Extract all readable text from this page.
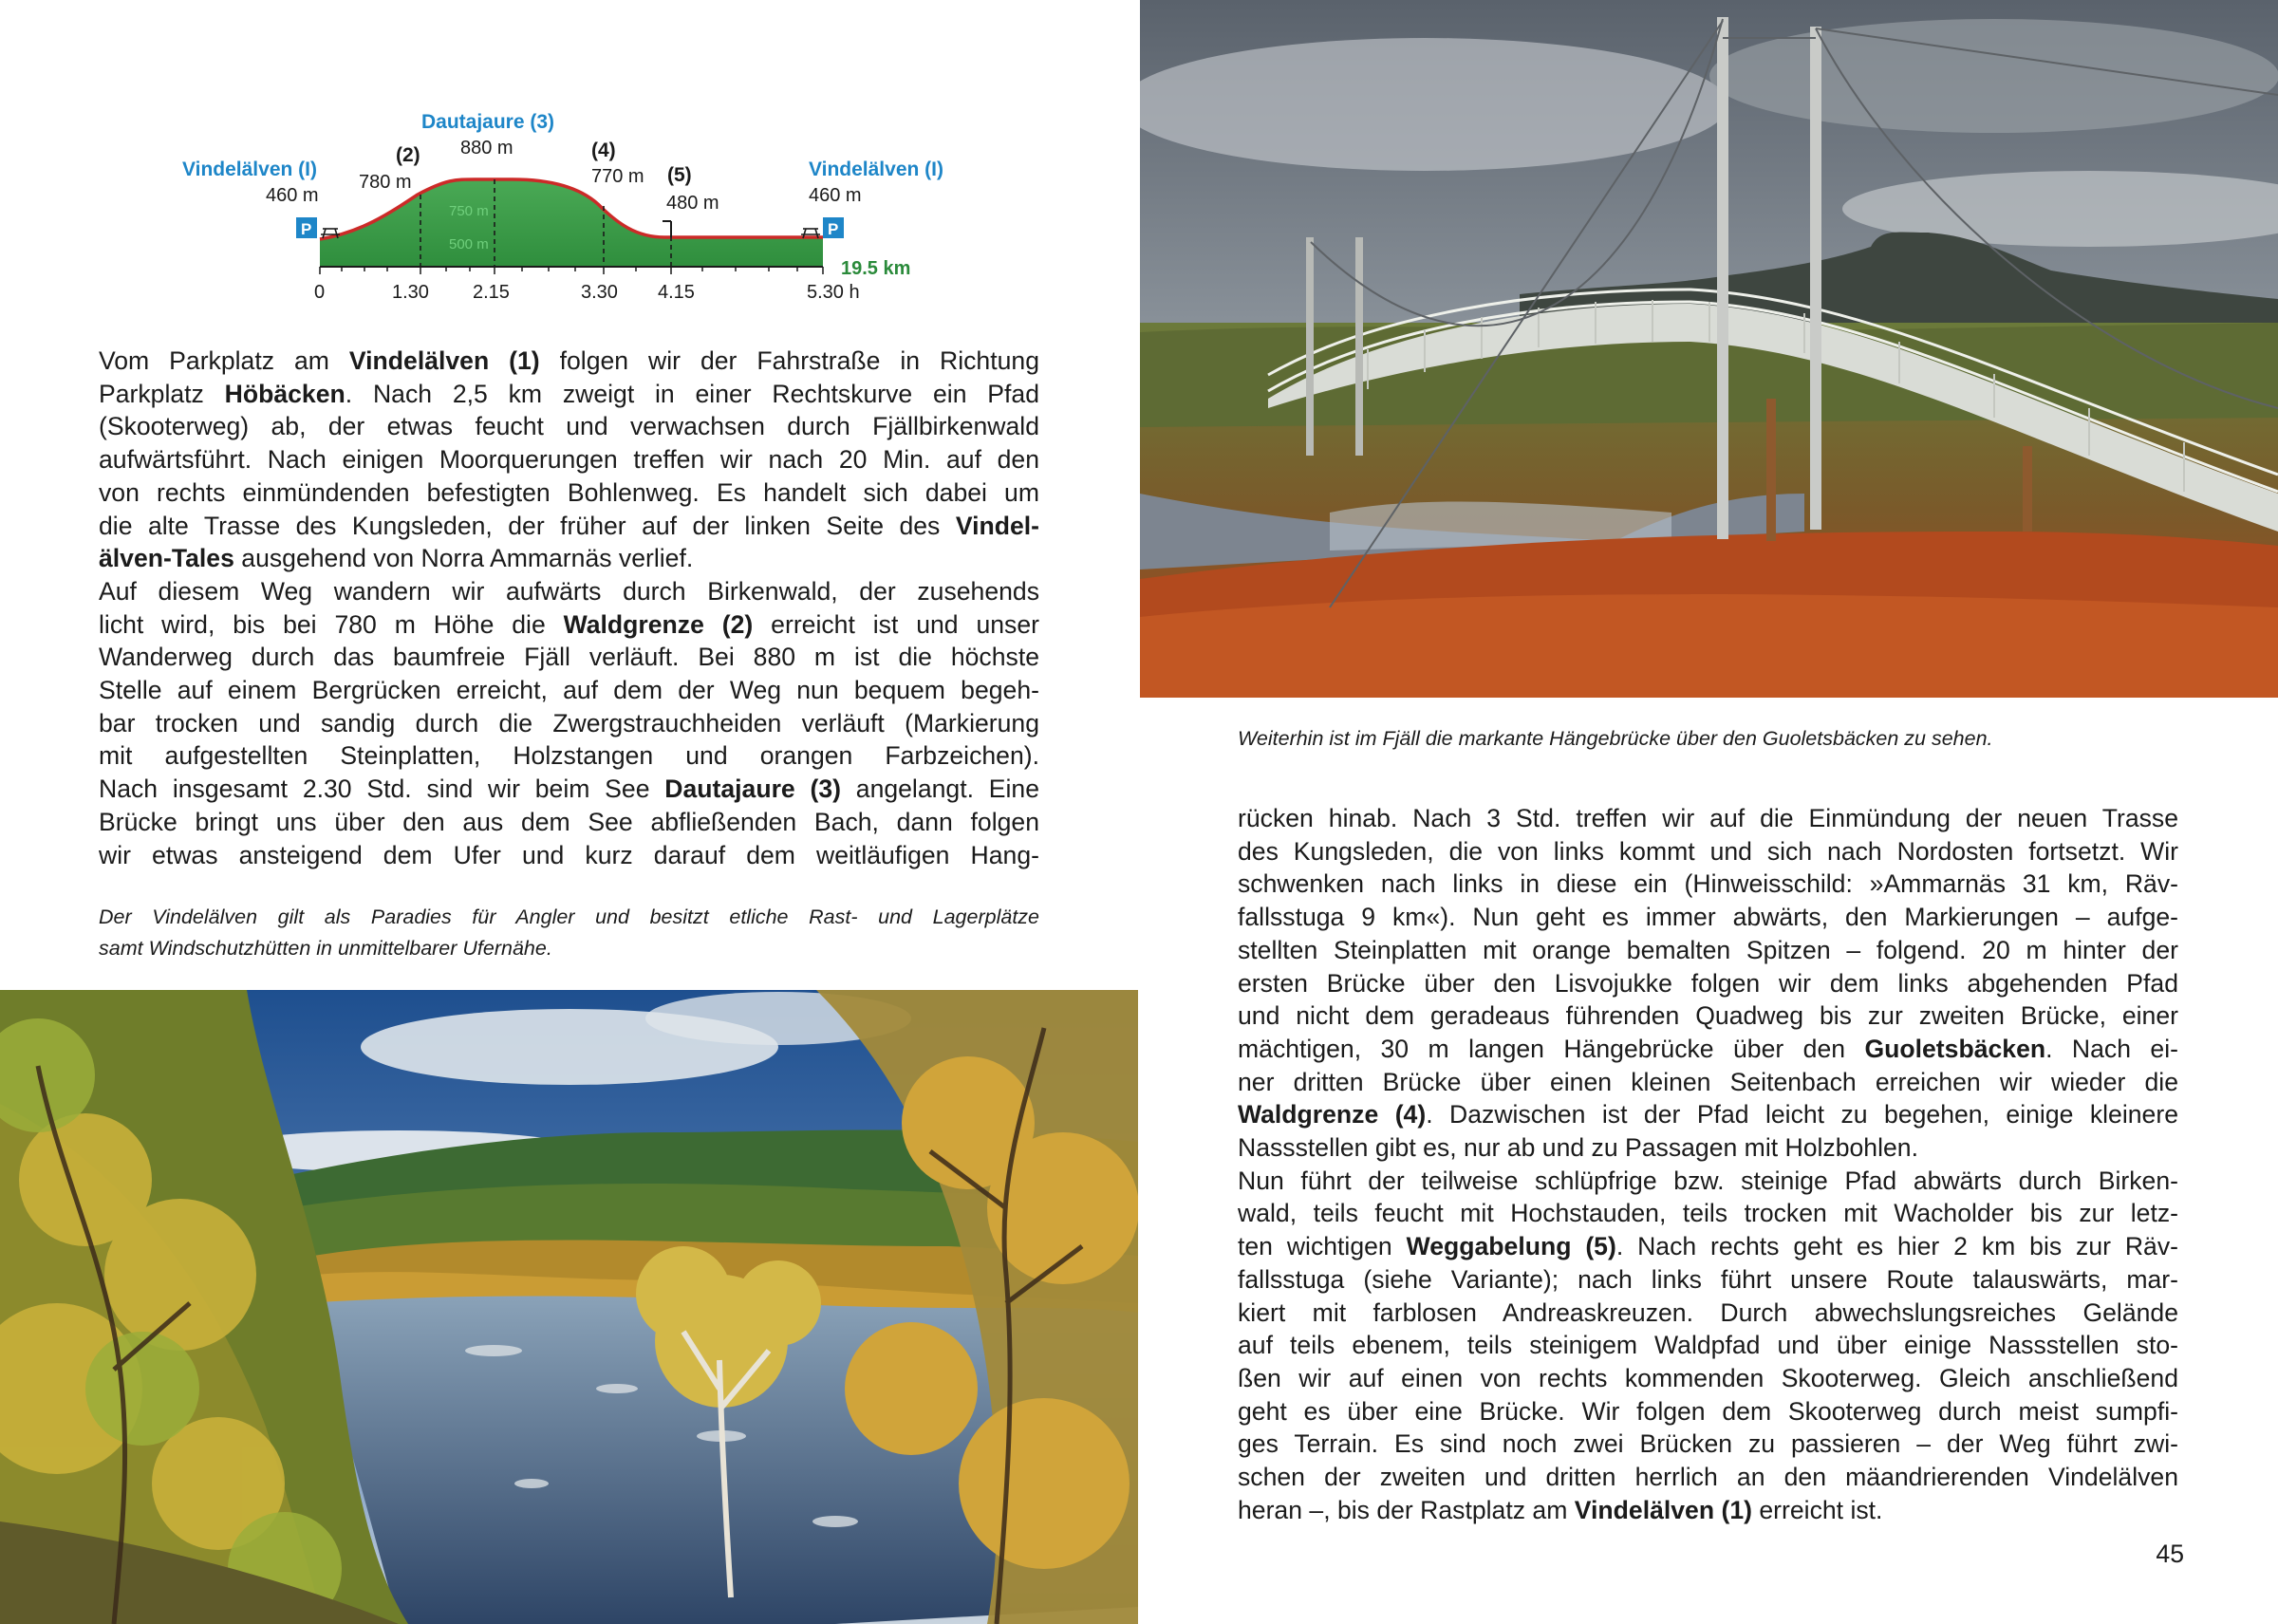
750 m
500 m
P	P
Vindelälven (I)
460 m
(2)
780 m
Dautajaure (3)
880 m	(4)
770 m (5)
480 m
Vindelälven (I)
460 m
0	1.30 2.15	3.30 4.15	5.30 h
19.5 km
Vom Parkplatz am Vindelälven (1) folgen wir der Fahrstraße in Richtung
Parkplatz Höbäcken. Nach 2,5 km zweigt in einer Rechtskurve ein Pfad
(Skooterweg) ab, der etwas feucht und verwachsen durch Fjällbirkenwald
aufwärtsführt. Nach einigen Moorquerungen treffen wir nach 20 Min. auf den
von rechts einmündenden befestigten Bohlenweg. Es handelt sich dabei um
die alte Trasse des Kungsleden, der früher auf der linken Seite des Vindel-
älven-Tales ausgehend von Norra Ammarnäs verlief.
Auf diesem Weg wandern wir aufwärts durch Birkenwald, der zusehends
licht wird, bis bei 780 m Höhe die Waldgrenze (2) erreicht ist und unser
Wanderweg durch das baumfreie Fjäll verläuft. Bei 880 m ist die höchste
Stelle auf einem Bergrücken erreicht, auf dem der Weg nun bequem begeh-
bar trocken und sandig durch die Zwergstrauchheiden verläuft (Markierung
mit aufgestellten Steinplatten, Holzstangen und orangen Farbzeichen).
Nach insgesamt 2.30 Std. sind wir beim See Dautajaure (3) angelangt. Eine
Brücke bringt uns über den aus dem See abfließenden Bach, dann folgen
wir etwas ansteigend dem Ufer und kurz darauf dem weitläufigen Hang-
Der Vindelälven gilt als Paradies für Angler und besitzt etliche Rast- und Lagerplätze
samt Windschutzhütten in unmittelbarer Ufernähe.
Weiterhin ist im Fjäll die markante Hängebrücke über den Guoletsbäcken zu sehen.
rücken hinab. Nach 3 Std. treffen wir auf die Einmündung der neuen Trasse
des Kungsleden, die von links kommt und sich nach Nordosten fortsetzt. Wir
schwenken nach links in diese ein (Hinweisschild: »Ammarnäs 31 km, Räv-
fallsstuga 9 km«). Nun geht es immer abwärts, den Markierungen – aufge-
stellten Steinplatten mit orange bemalten Spitzen – folgend. 20 m hinter der
ersten Brücke über den Lisvojukke folgen wir dem links abgehenden Pfad
und nicht dem geradeaus führenden Quadweg bis zur zweiten Brücke, einer
mächtigen, 30 m langen Hängebrücke über den Guoletsbäcken. Nach ei-
ner dritten Brücke über einen kleinen Seitenbach erreichen wir wieder die
Waldgrenze (4). Dazwischen ist der Pfad leicht zu begehen, einige kleinere
Nassstellen gibt es, nur ab und zu Passagen mit Holzbohlen.
Nun führt der teilweise schlüpfrige bzw. steinige Pfad abwärts durch Birken-
wald, teils feucht mit Hochstauden, teils trocken mit Wacholder bis zur letz-
ten wichtigen Weggabelung (5). Nach rechts geht es hier 2 km bis zur Räv-
fallsstuga (siehe Variante); nach links führt unsere Route talauswärts, mar-
kiert mit farblosen Andreaskreuzen. Durch abwechslungsreiches Gelände
auf teils ebenem, teils steinigem Waldpfad und über einige Nassstellen sto-
ßen wir auf einen von rechts kommenden Skooterweg. Gleich anschließend
geht es über eine Brücke. Wir folgen dem Skooterweg durch meist sumpfi-
ges Terrain. Es sind noch zwei Brücken zu passieren – der Weg führt zwi-
schen der zweiten und dritten herrlich an den mäandrierenden Vindelälven
heran –, bis der Rastplatz am Vindelälven (1) erreicht ist.
45
